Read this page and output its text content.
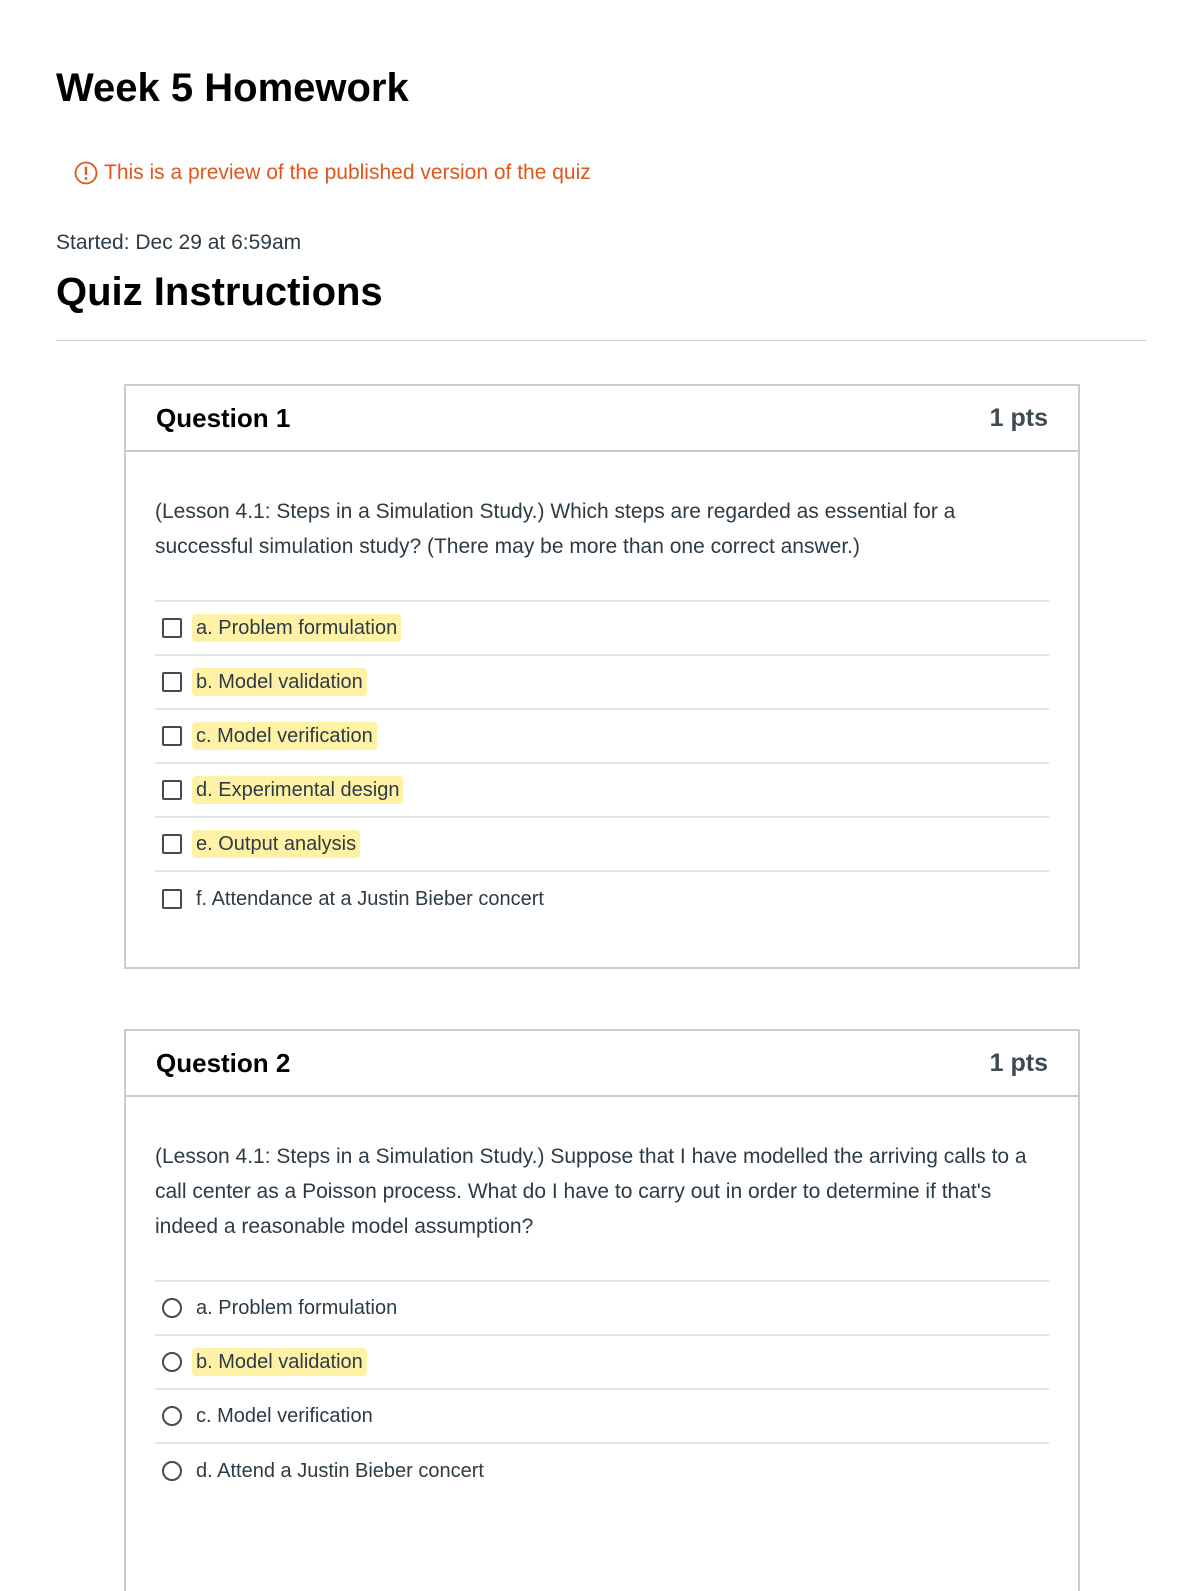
Week 5 Homework
This is a preview of the published version of the quiz
Started: Dec 29 at 6:59am
Quiz Instructions
Question 1	1 pts

(Lesson 4.1: Steps in a Simulation Study.) Which steps are regarded as essential for a successful simulation study? (There may be more than one correct answer.)

a. Problem formulation
b. Model validation
c. Model verification
d. Experimental design
e. Output analysis
f. Attendance at a Justin Bieber concert
Question 2	1 pts

(Lesson 4.1: Steps in a Simulation Study.) Suppose that I have modelled the arriving calls to a call center as a Poisson process. What do I have to carry out in order to determine if that's indeed a reasonable model assumption?

a. Problem formulation
b. Model validation
c. Model verification
d. Attend a Justin Bieber concert
